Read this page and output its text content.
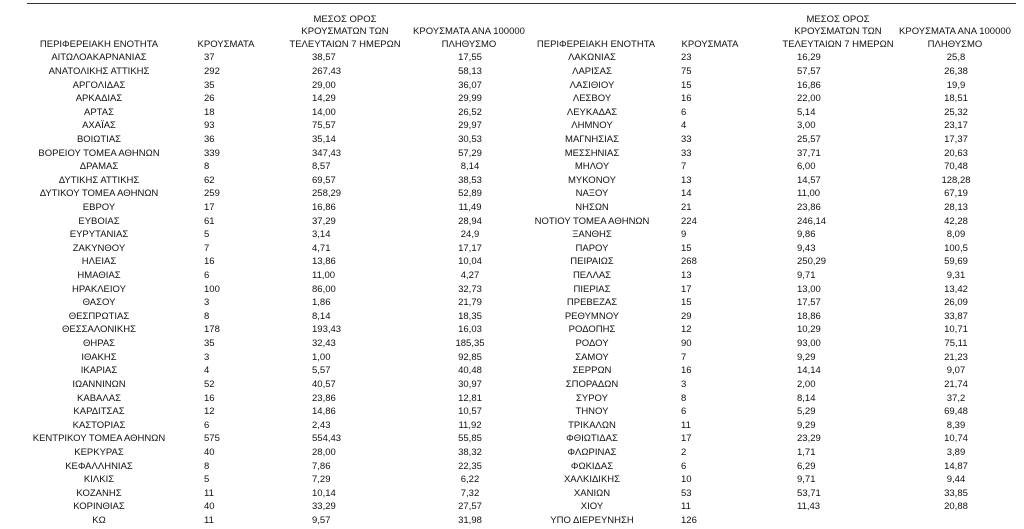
ΠΕΡΙΦΕΡΕΙΑΚΗ ΕΝΟΤΗΤΑ	ΚΡΟΥΣΜΑΤΑ
ΜΕΣΟΣ ΟΡΟΣ
ΚΡΟΥΣΜΑΤΩΝ ΤΩΝ
ΤΕΛΕΥΤΑΙΩΝ 7 ΗΜΕΡΩΝ
ΚΡΟΥΣΜΑΤΑ ΑΝΑ 100000
ΠΛΗΘΥΣΜΟ	ΠΕΡΙΦΕΡΕΙΑΚΗ ΕΝΟΤΗΤΑ	ΚΡΟΥΣΜΑΤΑ
ΜΕΣΟΣ ΟΡΟΣ
ΚΡΟΥΣΜΑΤΩΝ ΤΩΝ
ΤΕΛΕΥΤΑΙΩΝ 7 ΗΜΕΡΩΝ
ΚΡΟΥΣΜΑΤΑ ΑΝΑ 100000
ΠΛΗΘΥΣΜΟ
ΑΙΤΩΛΟΑΚΑΡΝΑΝΙΑΣ	37	38,57	17,55
ΑΝΑΤΟΛΙΚΗΣ ΑΤΤΙΚΗΣ	292	267,43	58,13
ΑΡΓΟΛΙΔΑΣ	35	29,00	36,07
ΑΡΚΑΔΙΑΣ	26	14,29	29,99
ΑΡΤΑΣ	18	14,00	26,52
ΑΧΑΪΑΣ	93	75,57	29,97
ΒΟΙΩΤΙΑΣ	36	35,14	30,53
ΒΟΡΕΙΟΥ ΤΟΜΕΑ ΑΘΗΝΩΝ	339	347,43	57,29
ΔΡΑΜΑΣ	8	8,57	8,14
ΔΥΤΙΚΗΣ ΑΤΤΙΚΗΣ	62	69,57	38,53
ΔΥΤΙΚΟΥ ΤΟΜΕΑ ΑΘΗΝΩΝ	259	258,29	52,89
ΕΒΡΟΥ	17	16,86	11,49
ΕΥΒΟΙΑΣ	61	37,29	28,94
ΕΥΡΥΤΑΝΙΑΣ	5	3,14	24,9
ΖΑΚΥΝΘΟΥ	7	4,71	17,17
ΗΛΕΙΑΣ	16	13,86	10,04
ΗΜΑΘΙΑΣ	6	11,00	4,27
ΗΡΑΚΛΕΙΟΥ	100	86,00	32,73
ΘΑΣΟΥ	3	1,86	21,79
ΘΕΣΠΡΩΤΙΑΣ	8	8,14	18,35
ΘΕΣΣΑΛΟΝΙΚΗΣ	178	193,43	16,03
ΘΗΡΑΣ	35	32,43	185,35
ΙΘΑΚΗΣ	3	1,00	92,85
ΙΚΑΡΙΑΣ	4	5,57	40,48
ΙΩΑΝΝΙΝΩΝ	52	40,57	30,97
ΚΑΒΑΛΑΣ	16	23,86	12,81
ΚΑΡΔΙΤΣΑΣ	12	14,86	10,57
ΚΑΣΤΟΡΙΑΣ	6	2,43	11,92
ΚΕΝΤΡΙΚΟΥ ΤΟΜΕΑ ΑΘΗΝΩΝ	575	554,43	55,85
ΚΕΡΚΥΡΑΣ	40	28,00	38,32
ΚΕΦΑΛΛΗΝΙΑΣ	8	7,86	22,35
ΚΙΛΚΙΣ	5	7,29	6,22
ΚΟΖΑΝΗΣ	11	10,14	7,32
ΚΟΡΙΝΘΙΑΣ	40	33,29	27,57
ΚΩ	11	9,57	31,98
ΛΑΚΩΝΙΑΣ	23	16,29	25,8
ΛΑΡΙΣΑΣ	75	57,57	26,38
ΛΑΣΙΘΙΟΥ	15	16,86	19,9
ΛΕΣΒΟΥ	16	22,00	18,51
ΛΕΥΚΑΔΑΣ	6	5,14	25,32
ΛΗΜΝΟΥ	4	3,00	23,17
ΜΑΓΝΗΣΙΑΣ	33	25,57	17,37
ΜΕΣΣΗΝΙΑΣ	33	37,71	20,63
ΜΗΛΟΥ	7	6,00	70,48
ΜΥΚΟΝΟΥ	13	14,57	128,28
ΝΑΞΟΥ	14	11,00	67,19
ΝΗΣΩΝ	21	23,86	28,13
ΝΟΤΙΟΥ ΤΟΜΕΑ ΑΘΗΝΩΝ	224	246,14	42,28
ΞΑΝΘΗΣ	9	9,86	8,09
ΠΑΡΟΥ	15	9,43	100,5
ΠΕΙΡΑΙΩΣ	268	250,29	59,69
ΠΕΛΛΑΣ	13	9,71	9,31
ΠΙΕΡΙΑΣ	17	13,00	13,42
ΠΡΕΒΕΖΑΣ	15	17,57	26,09
ΡΕΘΥΜΝΟΥ	29	18,86	33,87
ΡΟΔΟΠΗΣ	12	10,29	10,71
ΡΟΔΟΥ	90	93,00	75,11
ΣΑΜΟΥ	7	9,29	21,23
ΣΕΡΡΩΝ	16	14,14	9,07
ΣΠΟΡΑΔΩΝ	3	2,00	21,74
ΣΥΡΟΥ	8	8,14	37,2
ΤΗΝΟΥ	6	5,29	69,48
ΤΡΙΚΑΛΩΝ	11	9,29	8,39
ΦΘΙΩΤΙΔΑΣ	17	23,29	10,74
ΦΛΩΡΙΝΑΣ	2	1,71	3,89
ΦΩΚΙΔΑΣ	6	6,29	14,87
ΧΑΛΚΙΔΙΚΗΣ	10	9,71	9,44
ΧΑΝΙΩΝ	53	53,71	33,85
ΧΙΟΥ	11	11,43	20,88
ΥΠΟ ΔΙΕΡΕΥΝΗΣΗ	126
